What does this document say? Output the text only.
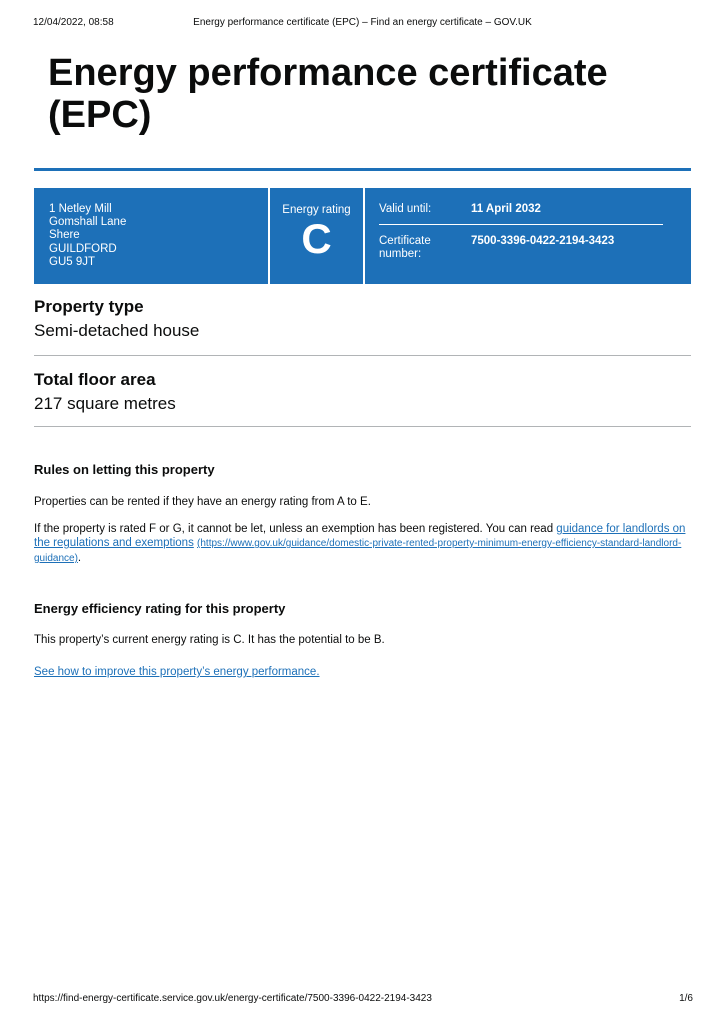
12/04/2022, 08:58	Energy performance certificate (EPC) – Find an energy certificate – GOV.UK
Energy performance certificate
(EPC)
1 Netley Mill
Gomshall Lane
Shere
GUILDFORD
GU5 9JT
Energy rating
C
Valid until:	11 April 2032
Certificate number:
7500-3396-0422-2194-3423
Property type
Semi-detached house
Total floor area
217 square metres
Rules on letting this property

Properties can be rented if they have an energy rating from A to E.

If the property is rated F or G, it cannot be let, unless an exemption has been registered. You can read guidance for landlords on the regulations and exemptions (https://www.gov.uk/guidance/domestic-private-rented-property-minimum-energy-efficiency-standard-landlord-guidance).

Energy efficiency rating for this property

This property’s current energy rating is C. It has the potential to be B.

See how to improve this property’s energy performance.

https://find-energy-certificate.service.gov.uk/energy-certificate/7500-3396-0422-2194-3423	1/6
